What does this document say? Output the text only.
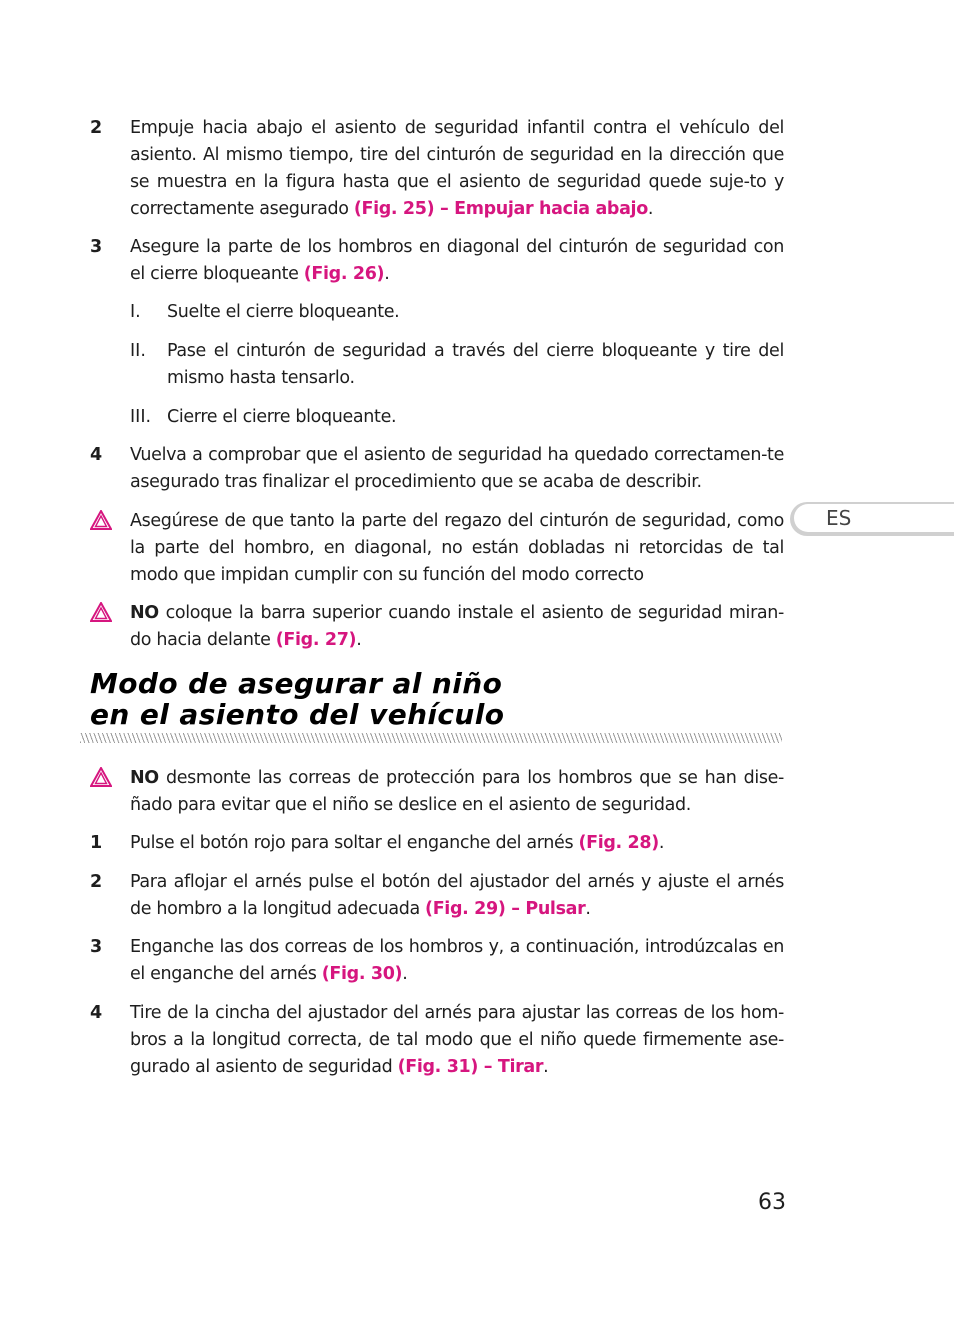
2	Empuje hacia abajo el asiento de seguridad infantil contra el vehículo del asiento. Al mismo tiempo, tire del cinturón de seguridad en la dirección que se muestra en la figura hasta que el asiento de seguridad quede suje-to y correctamente asegurado (Fig. 25) – Empujar hacia abajo.
3	Asegure la parte de los hombros en diagonal del cinturón de seguridad con el cierre bloqueante (Fig. 26).
I.	Suelte el cierre bloqueante.
II.	Pase el cinturón de seguridad a través del cierre bloqueante y tire del mismo hasta tensarlo.
III. Cierre el cierre bloqueante.
4	Vuelva a comprobar que el asiento de seguridad ha quedado correctamen-te asegurado tras finalizar el procedimiento que se acaba de describir.
Asegúrese de que tanto la parte del regazo del cinturón de seguridad, como la parte del hombro, en diagonal, no están dobladas ni retorcidas de tal modo que impidan cumplir con su función del modo correcto
NO coloque la barra superior cuando instale el asiento de seguridad miran-do hacia delante (Fig. 27).
Modo de asegurar al niño
en el asiento del vehículo
NO desmonte las correas de protección para los hombros que se han dise-ñado para evitar que el niño se deslice en el asiento de seguridad.
1	Pulse el botón rojo para soltar el enganche del arnés (Fig. 28).
2	Para aflojar el arnés pulse el botón del ajustador del arnés y ajuste el arnés de hombro a la longitud adecuada (Fig. 29) – Pulsar.
3	Enganche las dos correas de los hombros y, a continuación, introdúzcalas en el enganche del arnés (Fig. 30).
4	Tire de la cincha del ajustador del arnés para ajustar las correas de los hom-bros a la longitud correcta, de tal modo que el niño quede firmemente ase-gurado al asiento de seguridad (Fig. 31) – Tirar.
ES
63
